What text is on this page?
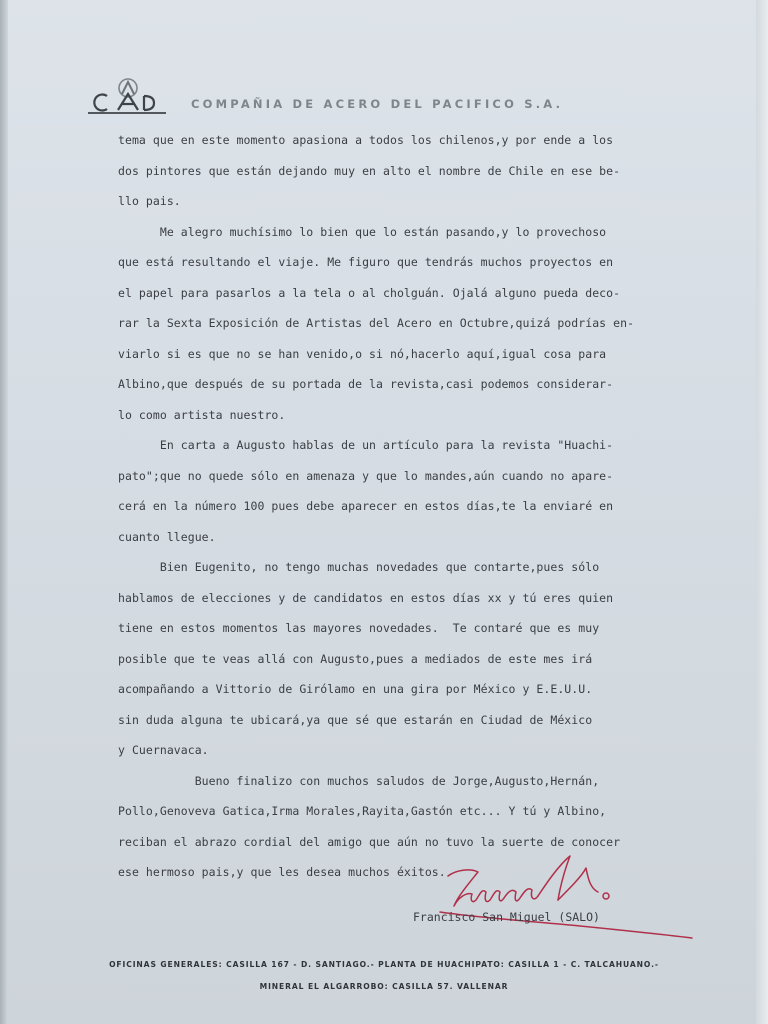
COMPAÑIA DE ACERO DEL PACIFICO S.A.
tema que en este momento apasiona a todos los chilenos,y por ende a los
dos pintores que están dejando muy en alto el nombre de Chile en ese be-
llo pais.
Me alegro muchísimo lo bien que lo están pasando,y lo provechoso
que está resultando el viaje. Me figuro que tendrás muchos proyectos en
el papel para pasarlos a la tela o al cholguán. Ojalá alguno pueda deco-
rar la Sexta Exposición de Artistas del Acero en Octubre,quizá podrías en-
viarlo si es que no se han venido,o si nó,hacerlo aquí,igual cosa para
Albino,que después de su portada de la revista,casi podemos considerar-
lo como artista nuestro.
En carta a Augusto hablas de un artículo para la revista "Huachi-
pato";que no quede sólo en amenaza y que lo mandes,aún cuando no apare-
cerá en la número 100 pues debe aparecer en estos días,te la enviaré en
cuanto llegue.
Bien Eugenito, no tengo muchas novedades que contarte,pues sólo
hablamos de elecciones y de candidatos en estos días xx y tú eres quien
tiene en estos momentos las mayores novedades.  Te contaré que es muy
posible que te veas allá con Augusto,pues a mediados de este mes irá
acompañando a Vittorio de Girólamo en una gira por México y E.E.U.U.
sin duda alguna te ubicará,ya que sé que estarán en Ciudad de México
y Cuernavaca.
Bueno finalizo con muchos saludos de Jorge,Augusto,Hernán,
Pollo,Genoveva Gatica,Irma Morales,Rayita,Gastón etc... Y tú y Albino,
reciban el abrazo cordial del amigo que aún no tuvo la suerte de conocer
ese hermoso pais,y que les desea muchos éxitos.
Francisco San Miguel (SALO)
OFICINAS GENERALES: CASILLA 167 - D. SANTIAGO.- PLANTA DE HUACHIPATO: CASILLA 1 - C. TALCAHUANO.-
MINERAL EL ALGARROBO: CASILLA 57. VALLENAR
